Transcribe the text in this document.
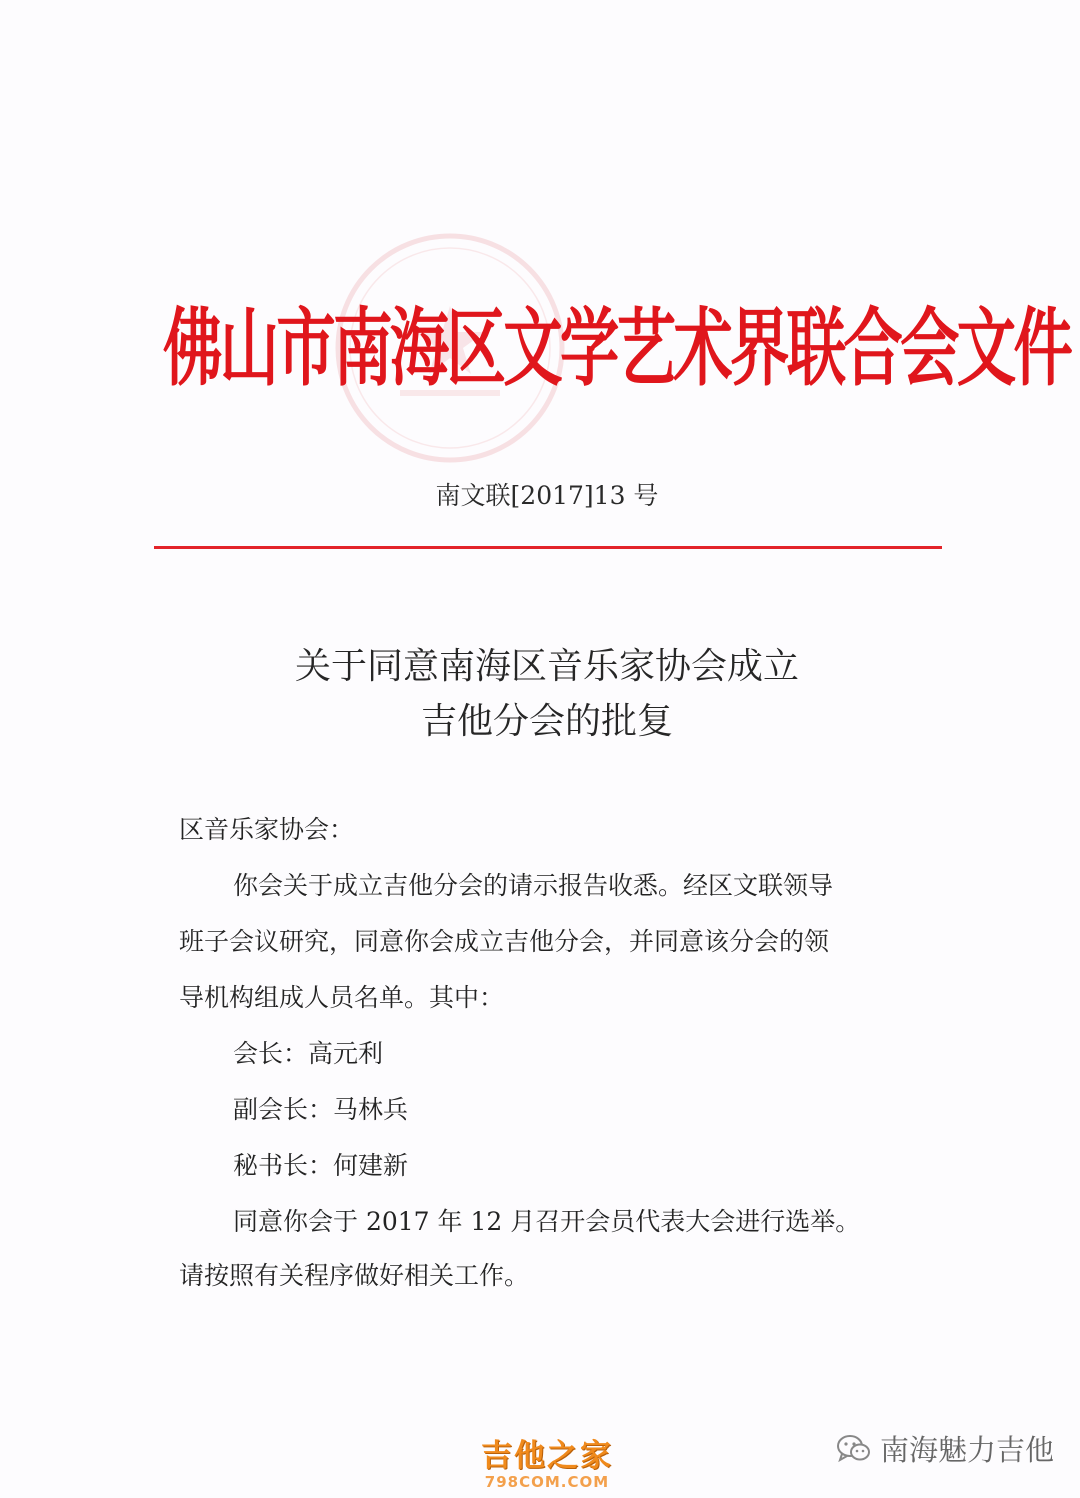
佛山市南海区文学艺术界联合会文件
南文联[2017]13 号
关于同意南海区音乐家协会成立
吉他分会的批复
区音乐家协会：
你会关于成立吉他分会的请示报告收悉。经区文联领导
班子会议研究，同意你会成立吉他分会，并同意该分会的领
导机构组成人员名单。其中：
会长：高元利
副会长：马林兵
秘书长：何建新
同意你会于 2017 年 12 月召开会员代表大会进行选举。
请按照有关程序做好相关工作。
吉他之家
798COM.COM
南海魅力吉他
